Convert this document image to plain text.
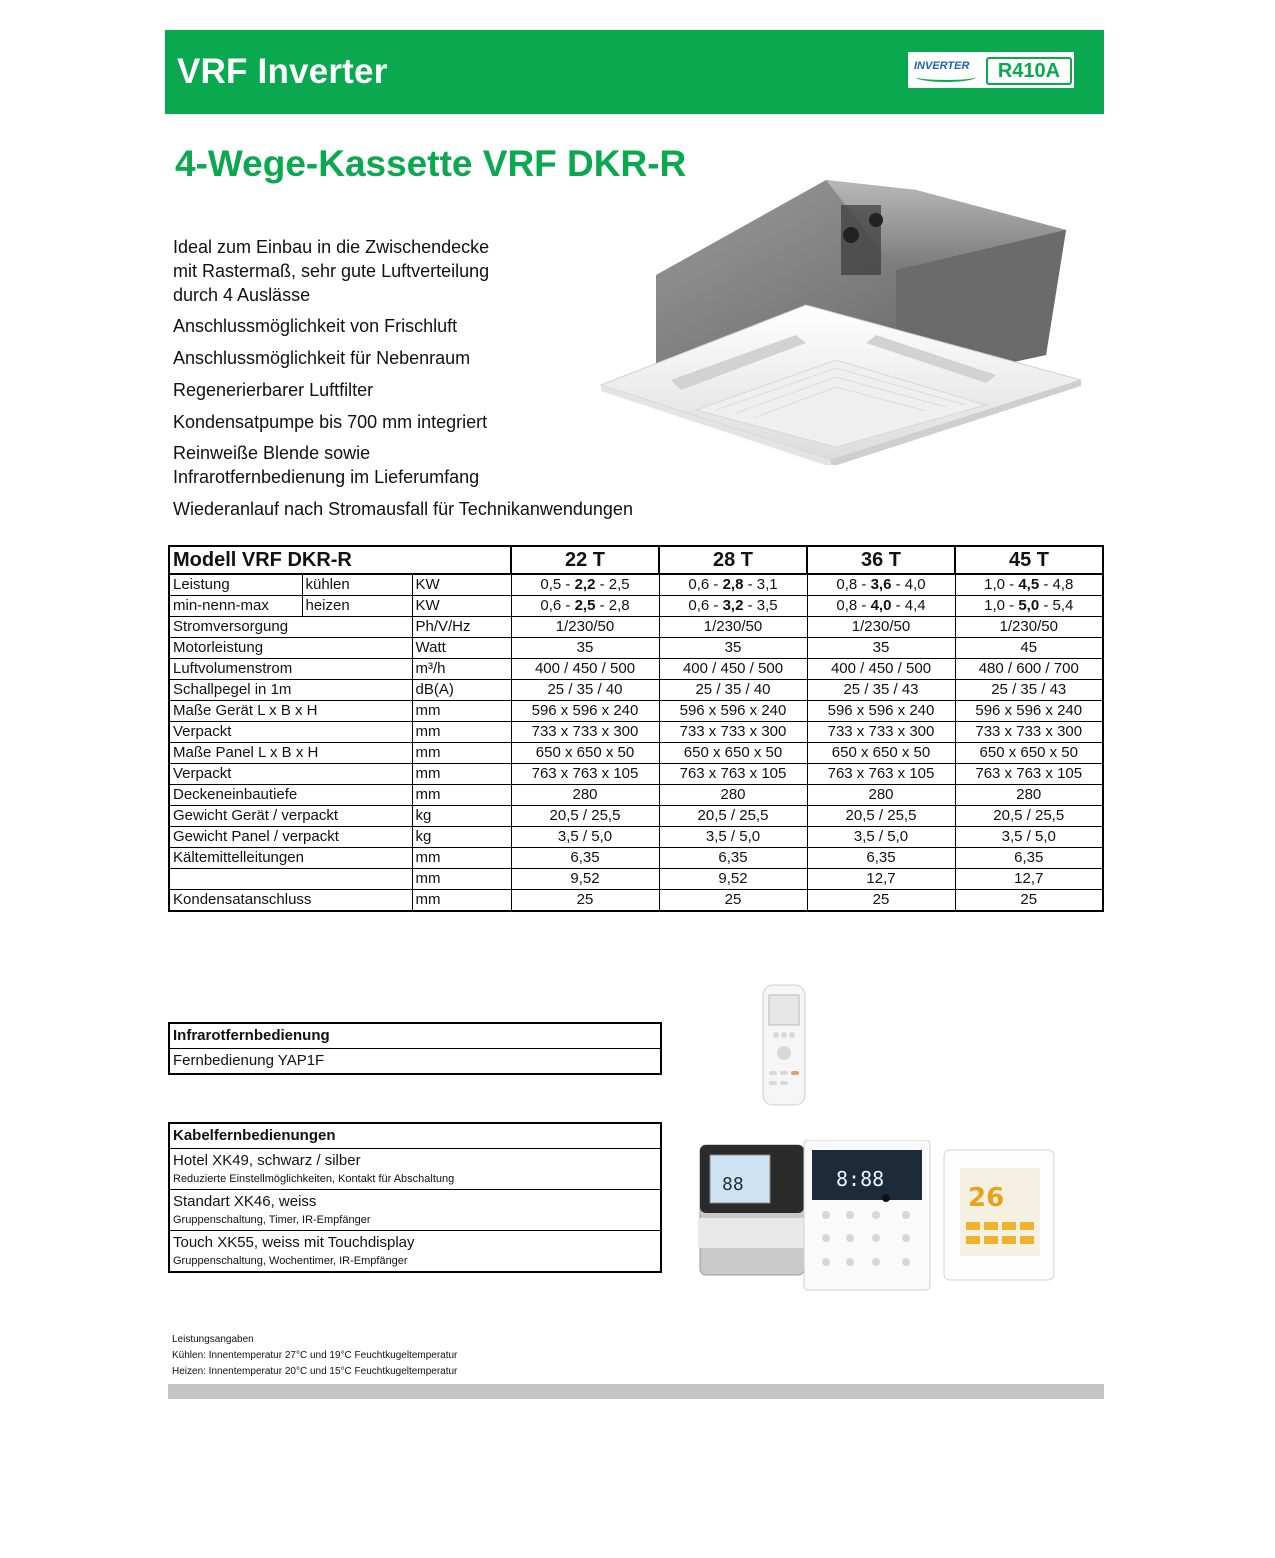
VRF Inverter	INVERTER	R410A
4-Wege-Kassette VRF DKR-R
Ideal zum Einbau in die Zwischendecke
mit Rastermaß, sehr gute Luftverteilung
durch 4 Auslässe
Anschlussmöglichkeit von Frischluft
Anschlussmöglichkeit für Nebenraum
Regenerierbarer Luftfilter
Kondensatpumpe bis 700 mm integriert
Reinweiße Blende sowie
Infrarotfernbedienung im Lieferumfang
Wiederanlauf nach Stromausfall für Technikanwendungen
Modell VRF DKR-R			22 T	28 T	36 T	45 T
Leistung	kühlen	KW	0,5 - 2,2 - 2,5	0,6 - 2,8 - 3,1	0,8 - 3,6 - 4,0	1,0 - 4,5 - 4,8
min-nenn-max	heizen	KW	0,6 - 2,5 - 2,8	0,6 - 3,2 - 3,5	0,8 - 4,0 - 4,4	1,0 - 5,0 - 5,4
Stromversorgung		Ph/V/Hz	1/230/50	1/230/50	1/230/50	1/230/50
Motorleistung		Watt	35	35	35	45
Luftvolumenstrom		m³/h	400 / 450 / 500	400 / 450 / 500	400 / 450 / 500	480 / 600 / 700
Schallpegel in 1m		dB(A)	25 / 35 / 40	25 / 35 / 40	25 / 35 / 43	25 / 35 / 43
Maße Gerät L x B x H		mm	596 x 596 x 240	596 x 596 x 240	596 x 596 x 240	596 x 596 x 240
Verpackt		mm	733 x 733 x 300	733 x 733 x 300	733 x 733 x 300	733 x 733 x 300
Maße Panel L x B x H		mm	650 x 650 x 50	650 x 650 x 50	650 x 650 x 50	650 x 650 x 50
Verpackt		mm	763 x 763 x 105	763 x 763 x 105	763 x 763 x 105	763 x 763 x 105
Deckeneinbautiefe		mm	280	280	280	280
Gewicht Gerät / verpackt		kg	20,5 / 25,5	20,5 / 25,5	20,5 / 25,5	20,5 / 25,5
Gewicht Panel / verpackt		kg	3,5 / 5,0	3,5 / 5,0	3,5 / 5,0	3,5 / 5,0
Kältemittelleitungen		mm	6,35	6,35	6,35	6,35
		mm	9,52	9,52	12,7	12,7
Kondensatanschluss		mm	25	25	25	25
Infrarotfernbedienung
Fernbedienung YAP1F
Kabelfernbedienungen
Hotel XK49, schwarz / silber
Reduzierte Einstellmöglichkeiten, Kontakt für Abschaltung
Standart XK46, weiss
Gruppenschaltung, Timer, IR-Empfänger
Touch XK55, weiss mit Touchdisplay
Gruppenschaltung, Wochentimer, IR-Empfänger
88	8:88
26
Leistungsangaben
Kühlen: Innentemperatur 27°C und 19°C Feuchtkugeltemperatur
Heizen: Innentemperatur 20°C und 15°C Feuchtkugeltemperatur
